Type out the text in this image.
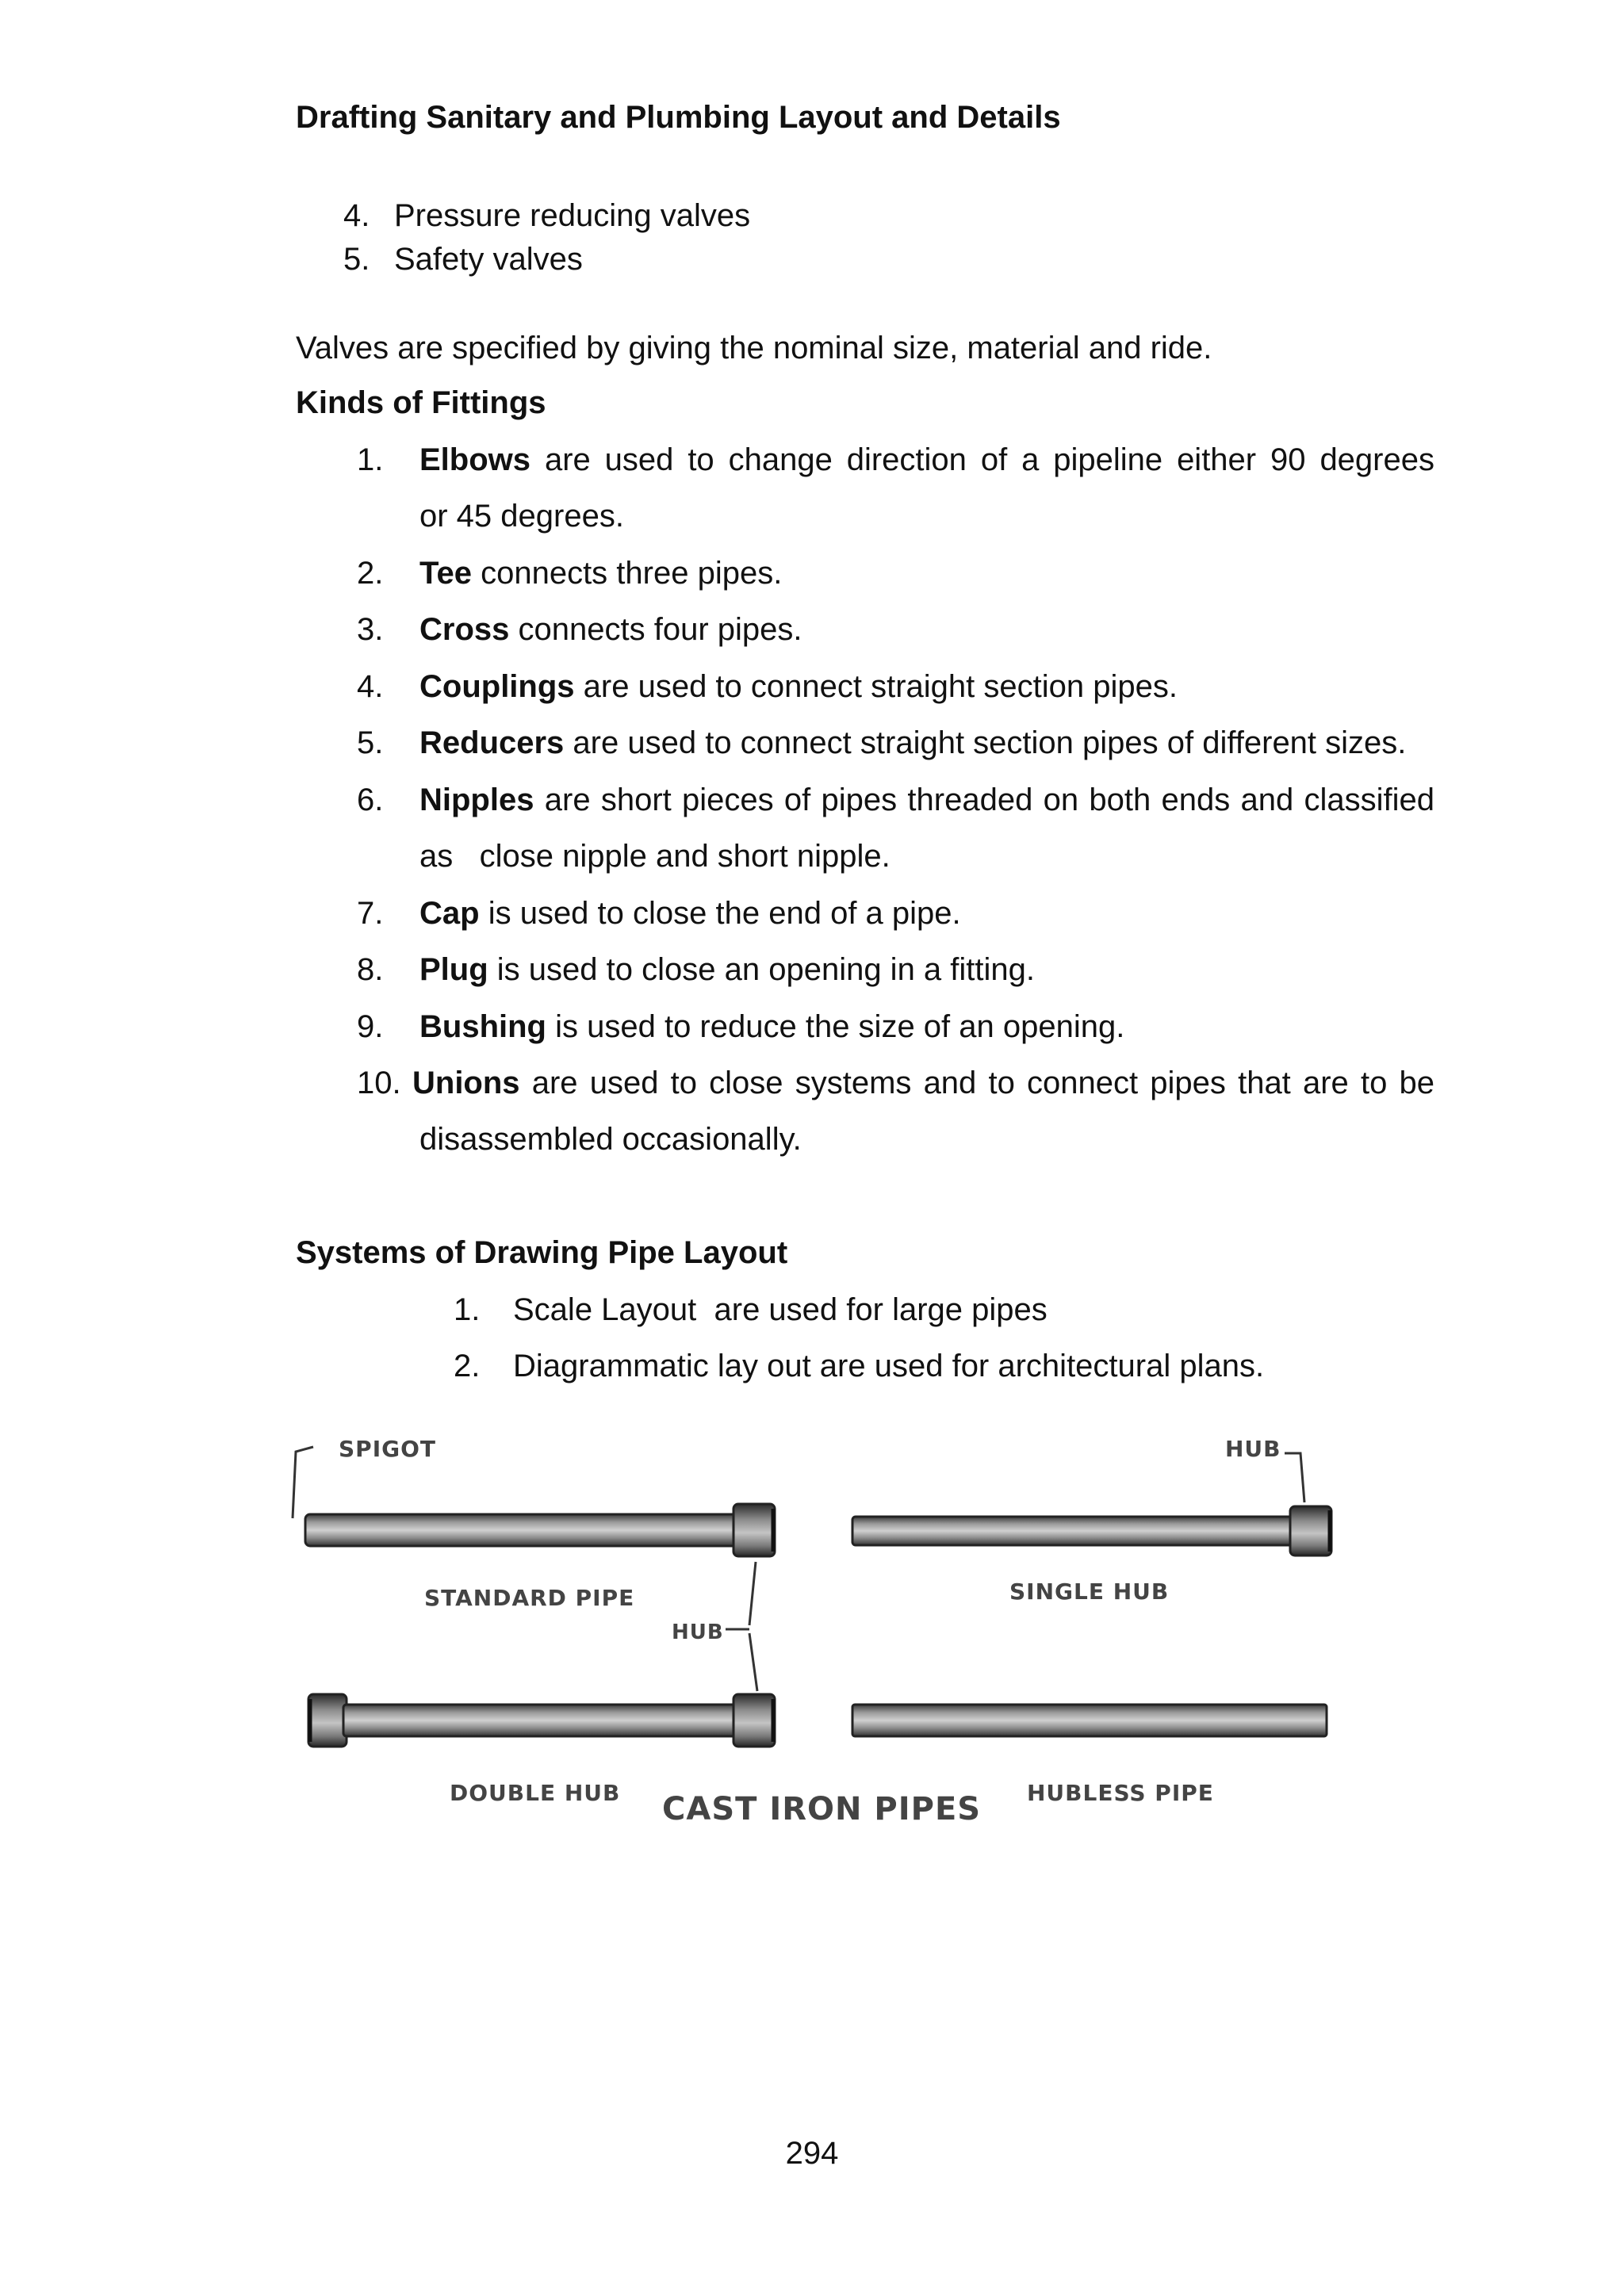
Drafting Sanitary and Plumbing Layout and Details
4. Pressure reducing valves
5. Safety valves
Valves are specified by giving the nominal size, material and ride.
Kinds of Fittings
1. Elbows are used to change direction of a pipeline either 90 degrees
or 45 degrees.
2. Tee connects three pipes.
3. Cross connects four pipes.
4. Couplings are used to connect straight section pipes.
5. Reducers are used to connect straight section pipes of different sizes.
6. Nipples are short pieces of pipes threaded on both ends and classified
as   close nipple and short nipple.
7. Cap is used to close the end of a pipe.
8. Plug is used to close an opening in a fitting.
9. Bushing is used to reduce the size of an opening.
10. Unions are used to close systems and to connect pipes that are to be
disassembled occasionally.
Systems of Drawing Pipe Layout
1. Scale Layout  are used for large pipes
2. Diagrammatic lay out are used for architectural plans.
SPIGOT	HUB
STANDARD PIPE	SINGLE HUB
HUB
DOUBLE HUB CAST IRON PIPES HUBLESS PIPE
294
